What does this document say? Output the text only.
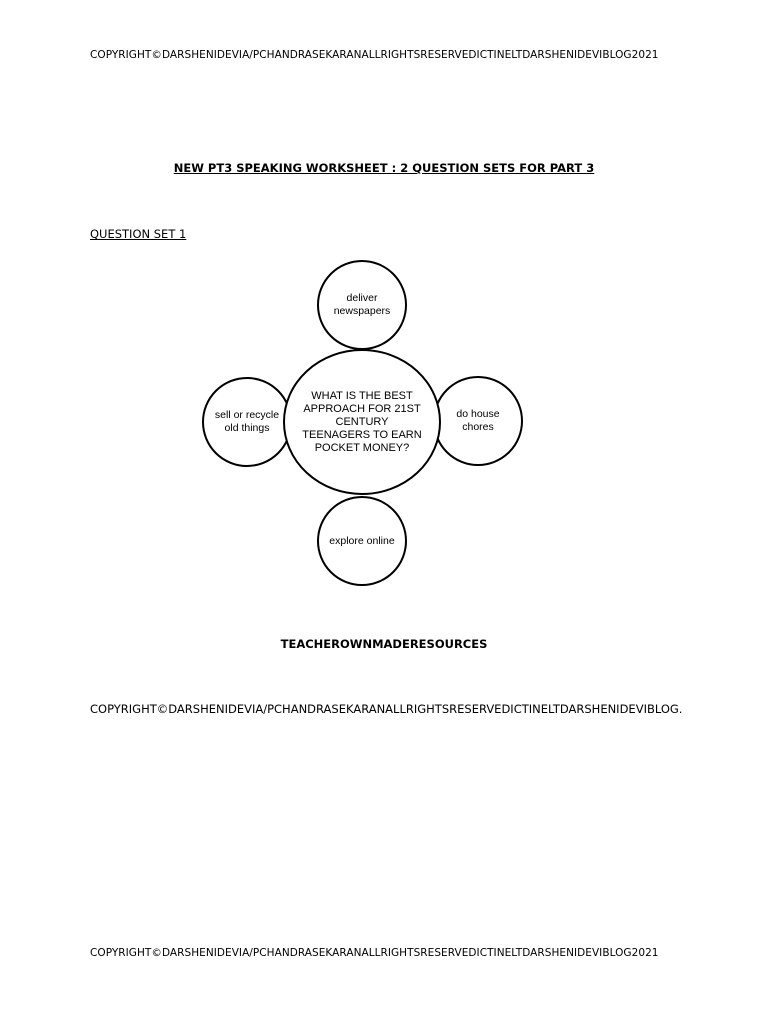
COPYRIGHT©DARSHENIDEVIA/PCHANDRASEKARANALLRIGHTSRESERVEDICTINELTDARSHENIDEVIBLOG2021
NEW PT3 SPEAKING WORKSHEET : 2 QUESTION SETS FOR PART 3
QUESTION SET 1
deliver newspapers
sell or recycle old things
do house chores
explore online
WHAT IS THE BEST APPROACH FOR 21ST CENTURY TEENAGERS TO EARN POCKET MONEY?
TEACHEROWNMADERESOURCES
COPYRIGHT©DARSHENIDEVIA/PCHANDRASEKARANALLRIGHTSRESERVEDICTINELTDARSHENIDEVIBLOG.
COPYRIGHT©DARSHENIDEVIA/PCHANDRASEKARANALLRIGHTSRESERVEDICTINELTDARSHENIDEVIBLOG2021
